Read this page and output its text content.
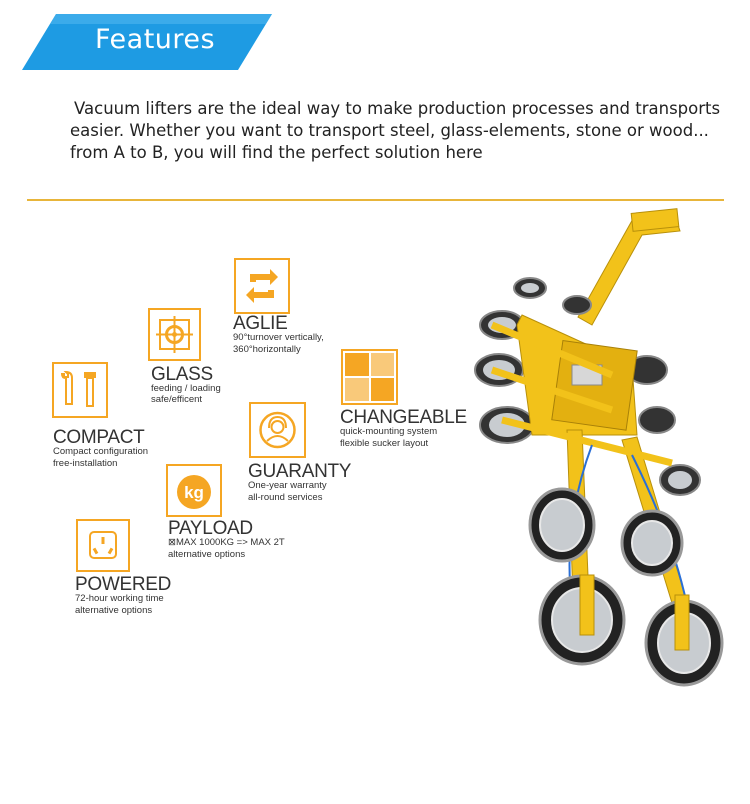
Features
Vacuum lifters are the ideal way to make production processes and transports
easier. Whether you want to transport steel, glass-elements, stone or wood...
from A to B, you will find the perfect solution here
AGLIE
90°turnover vertically,
360°horizontally
GLASS
feeding / loading
safe/efficent
CHANGEABLE
quick-mounting system
flexible sucker layout
COMPACT
Compact configuration
free-installation	GUARANTY
One-year warranty
all-round services
kg
PAYLOAD
⊠MAX 1000KG => MAX 2T
alternative options
POWERED
72-hour working time
alternative options
